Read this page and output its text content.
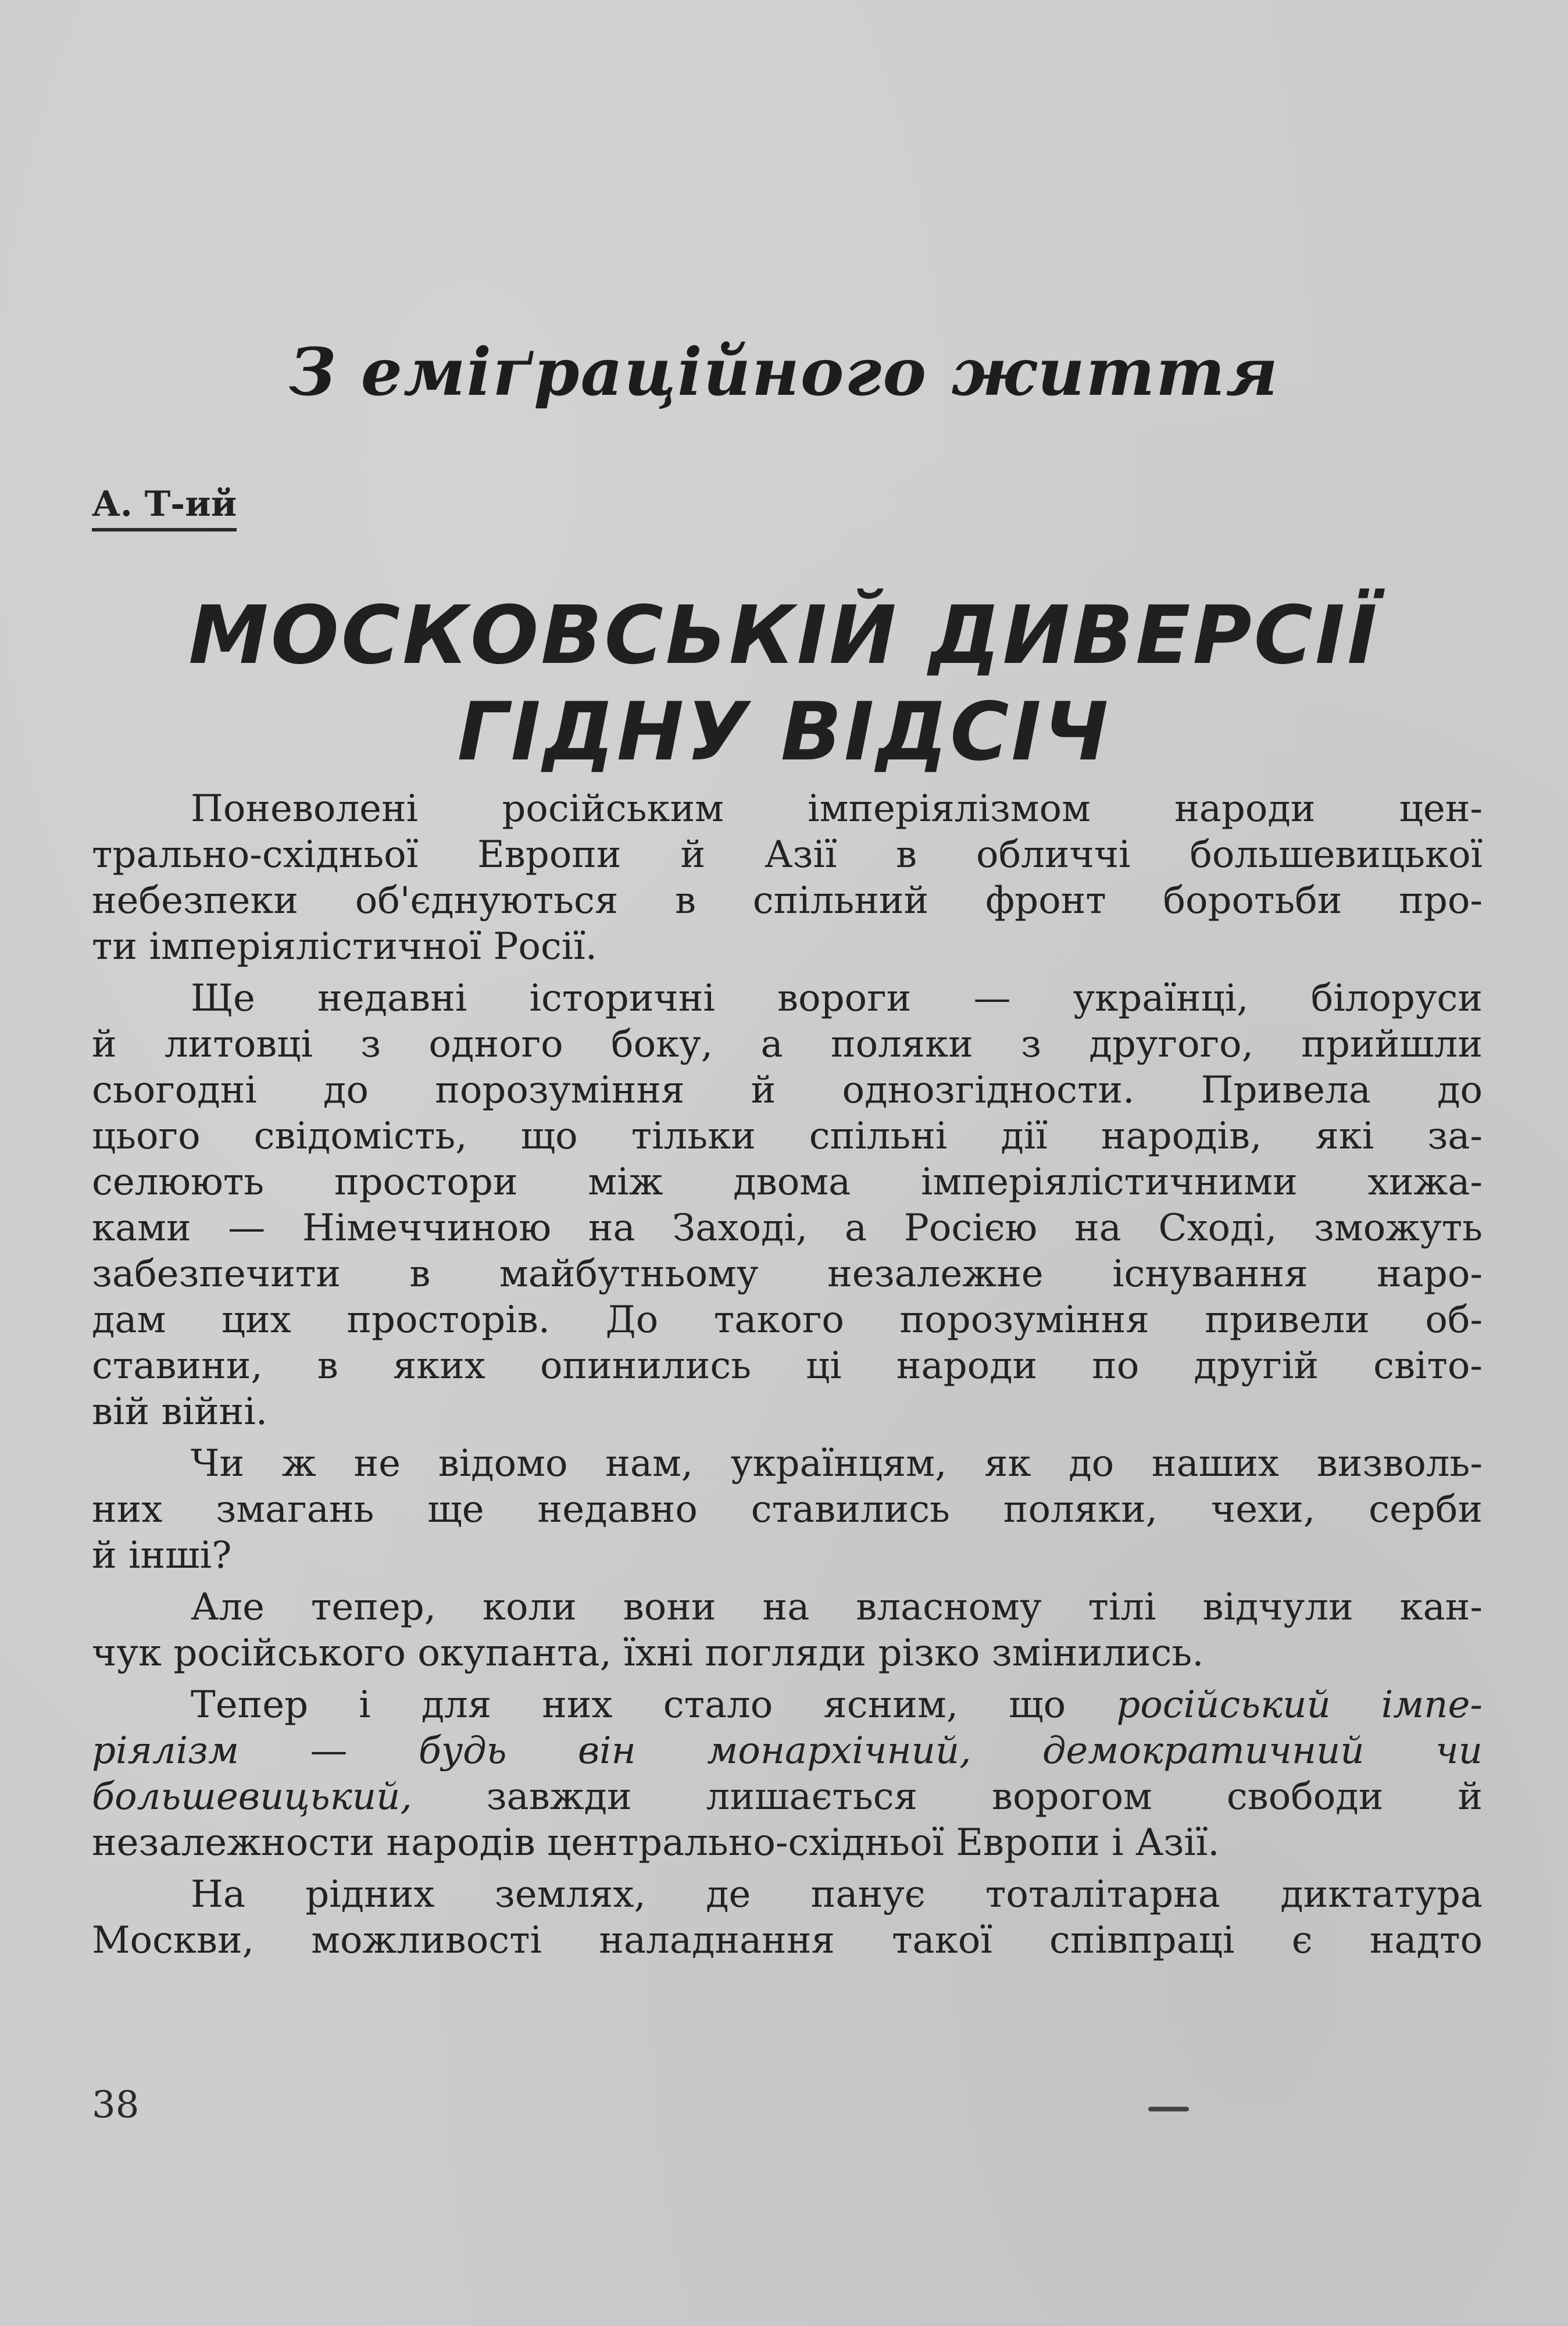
З еміґраційного життя
А. Т-ий
МОСКОВСЬКІЙ ДИВЕРСІЇ
ГІДНУ ВІДСІЧ
Поневолені російським імперіялізмом народи цен-
трально-східньої Европи й Азії в обличчі большевицької
небезпеки об'єднуються в спільний фронт боротьби про-
ти імперіялістичної Росії.
Ще недавні історичні вороги — українці, білоруси
й литовці з одного боку, а поляки з другого, прийшли
сьогодні до порозуміння й однозгідности. Привела до
цього свідомість, що тільки спільні дії народів, які за-
селюють простори між двома імперіялістичними хижа-
ками — Німеччиною на Заході, а Росією на Сході, зможуть
забезпечити в майбутньому незалежне існування наро-
дам цих просторів. До такого порозуміння привели об-
ставини, в яких опинились ці народи по другій світо-
вій війні.
Чи ж не відомо нам, українцям, як до наших визволь-
них змагань ще недавно ставились поляки, чехи, серби
й інші?
Але тепер, коли вони на власному тілі відчули кан-
чук російського окупанта, їхні погляди різко змінились.
Тепер і для них стало ясним, що російський імпе-
ріялізм — будь він монархічний, демократичний чи
большевицький, завжди лишається ворогом свободи й
незалежности народів центрально-східньої Европи і Азії.
На рідних землях, де панує тоталітарна диктатура
Москви, можливості наладнання такої співпраці є надто
38
